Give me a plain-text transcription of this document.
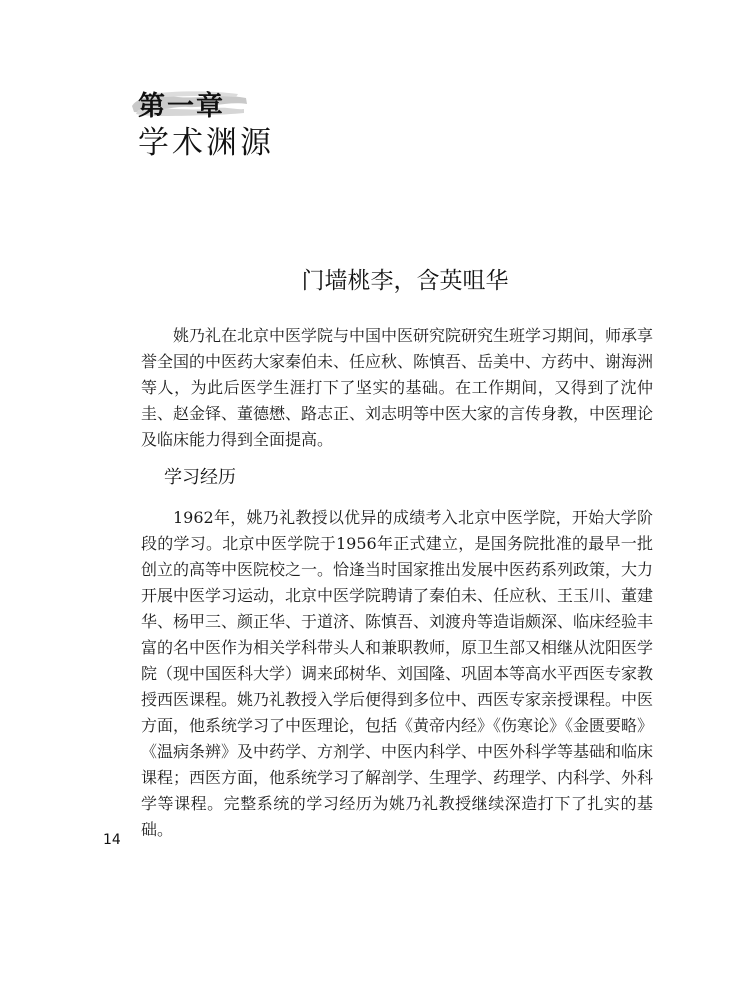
第一章
学术渊源
门墙桃李，含英咀华

姚乃礼在北京中医学院与中国中医研究院研究生班学习期间，师承享誉全国的中医药大家秦伯未、任应秋、陈慎吾、岳美中、方药中、谢海洲等人，为此后医学生涯打下了坚实的基础。在工作期间，又得到了沈仲圭、赵金铎、董德懋、路志正、刘志明等中医大家的言传身教，中医理论及临床能力得到全面提高。

学习经历

1962年，姚乃礼教授以优异的成绩考入北京中医学院，开始大学阶段的学习。北京中医学院于1956年正式建立，是国务院批准的最早一批创立的高等中医院校之一。恰逢当时国家推出发展中医药系列政策，大力开展中医学习运动，北京中医学院聘请了秦伯未、任应秋、王玉川、董建华、杨甲三、颜正华、于道济、陈慎吾、刘渡舟等造诣颇深、临床经验丰富的名中医作为相关学科带头人和兼职教师，原卫生部又相继从沈阳医学院（现中国医科大学）调来邱树华、刘国隆、巩固本等高水平西医专家教授西医课程。姚乃礼教授入学后便得到多位中、西医专家亲授课程。中医方面，他系统学习了中医理论，包括《黄帝内经》《伤寒论》《金匮要略》《温病条辨》及中药学、方剂学、中医内科学、中医外科学等基础和临床课程；西医方面，他系统学习了解剖学、生理学、药理学、内科学、外科学等课程。完整系统的学习经历为姚乃礼教授继续深造打下了扎实的基础。

14
